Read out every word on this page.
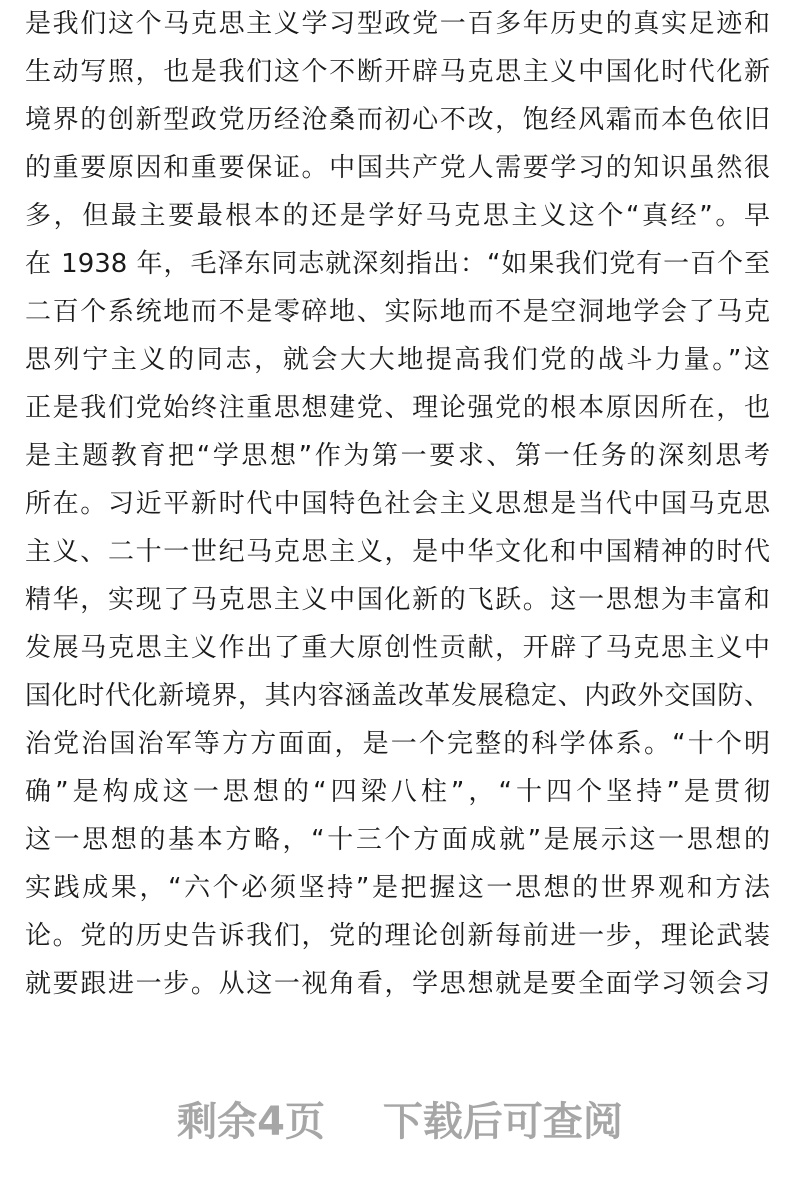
是我们这个马克思主义学习型政党一百多年历史的真实足迹和
生动写照，也是我们这个不断开辟马克思主义中国化时代化新
境界的创新型政党历经沧桑而初心不改，饱经风霜而本色依旧
的重要原因和重要保证。中国共产党人需要学习的知识虽然很
多，但最主要最根本的还是学好马克思主义这个“真经”。早
在 1938 年，毛泽东同志就深刻指出：“如果我们党有一百个至
二百个系统地而不是零碎地、实际地而不是空洞地学会了马克
思列宁主义的同志，就会大大地提高我们党的战斗力量。”这
正是我们党始终注重思想建党、理论强党的根本原因所在，也
是主题教育把“学思想”作为第一要求、第一任务的深刻思考
所在。习近平新时代中国特色社会主义思想是当代中国马克思
主义、二十一世纪马克思主义，是中华文化和中国精神的时代
精华，实现了马克思主义中国化新的飞跃。这一思想为丰富和
发展马克思主义作出了重大原创性贡献，开辟了马克思主义中
国化时代化新境界，其内容涵盖改革发展稳定、内政外交国防、
治党治国治军等方方面面，是一个完整的科学体系。“十个明
确”是构成这一思想的“四梁八柱”，“十四个坚持”是贯彻
这一思想的基本方略，“十三个方面成就”是展示这一思想的
实践成果，“六个必须坚持”是把握这一思想的世界观和方法
论。党的历史告诉我们，党的理论创新每前进一步，理论武装
就要跟进一步。从这一视角看，学思想就是要全面学习领会习
剩余4页 下载后可查阅
